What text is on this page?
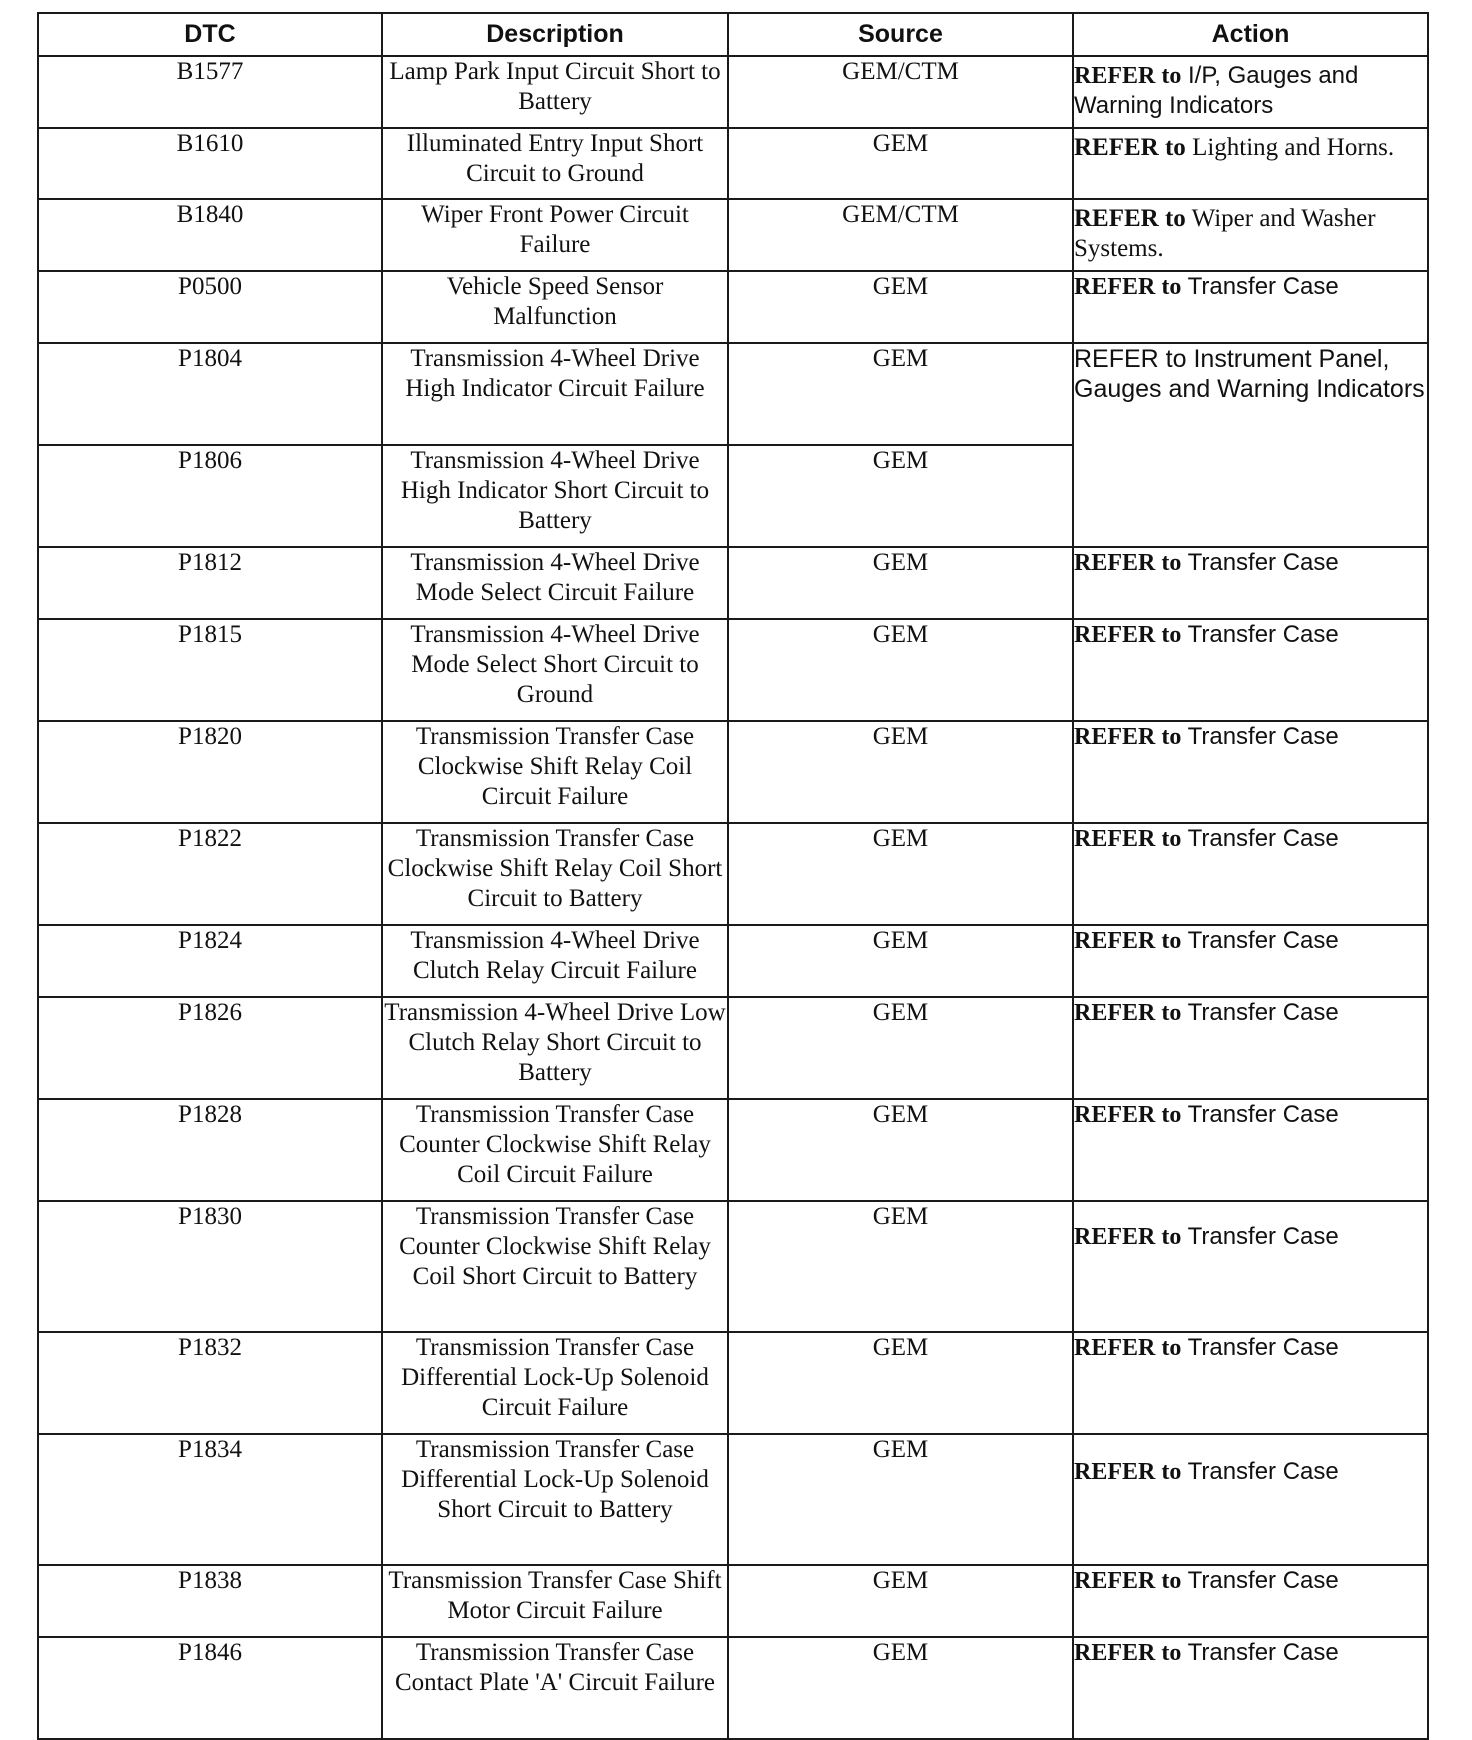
DTC	Description	Source	Action
B1577	Lamp Park Input Circuit Short to Battery	GEM/CTM	REFER to I/P, Gauges and Warning Indicators
B1610	Illuminated Entry Input Short Circuit to Ground	GEM	REFER to Lighting and Horns.
B1840	Wiper Front Power Circuit Failure	GEM/CTM	REFER to Wiper and Washer Systems.
P0500	Vehicle Speed Sensor Malfunction	GEM	REFER to Transfer Case
P1804	Transmission 4-Wheel Drive High Indicator Circuit Failure	GEM	REFER to Instrument Panel, Gauges and Warning Indicators
P1806	Transmission 4-Wheel Drive High Indicator Short Circuit to Battery	GEM	
P1812	Transmission 4-Wheel Drive Mode Select Circuit Failure	GEM	REFER to Transfer Case
P1815	Transmission 4-Wheel Drive Mode Select Short Circuit to Ground	GEM	REFER to Transfer Case
P1820	Transmission Transfer Case Clockwise Shift Relay Coil Circuit Failure	GEM	REFER to Transfer Case
P1822	Transmission Transfer Case Clockwise Shift Relay Coil Short Circuit to Battery	GEM	REFER to Transfer Case
P1824	Transmission 4-Wheel Drive Clutch Relay Circuit Failure	GEM	REFER to Transfer Case
P1826	Transmission 4-Wheel Drive Low Clutch Relay Short Circuit to Battery	GEM	REFER to Transfer Case
P1828	Transmission Transfer Case Counter Clockwise Shift Relay Coil Circuit Failure	GEM	REFER to Transfer Case
P1830	Transmission Transfer Case Counter Clockwise Shift Relay Coil Short Circuit to Battery	GEM	REFER to Transfer Case
P1832	Transmission Transfer Case Differential Lock-Up Solenoid Circuit Failure	GEM	REFER to Transfer Case
P1834	Transmission Transfer Case Differential Lock-Up Solenoid Short Circuit to Battery	GEM	REFER to Transfer Case
P1838	Transmission Transfer Case Shift Motor Circuit Failure	GEM	REFER to Transfer Case
P1846	Transmission Transfer Case Contact Plate 'A' Circuit Failure	GEM	REFER to Transfer Case
